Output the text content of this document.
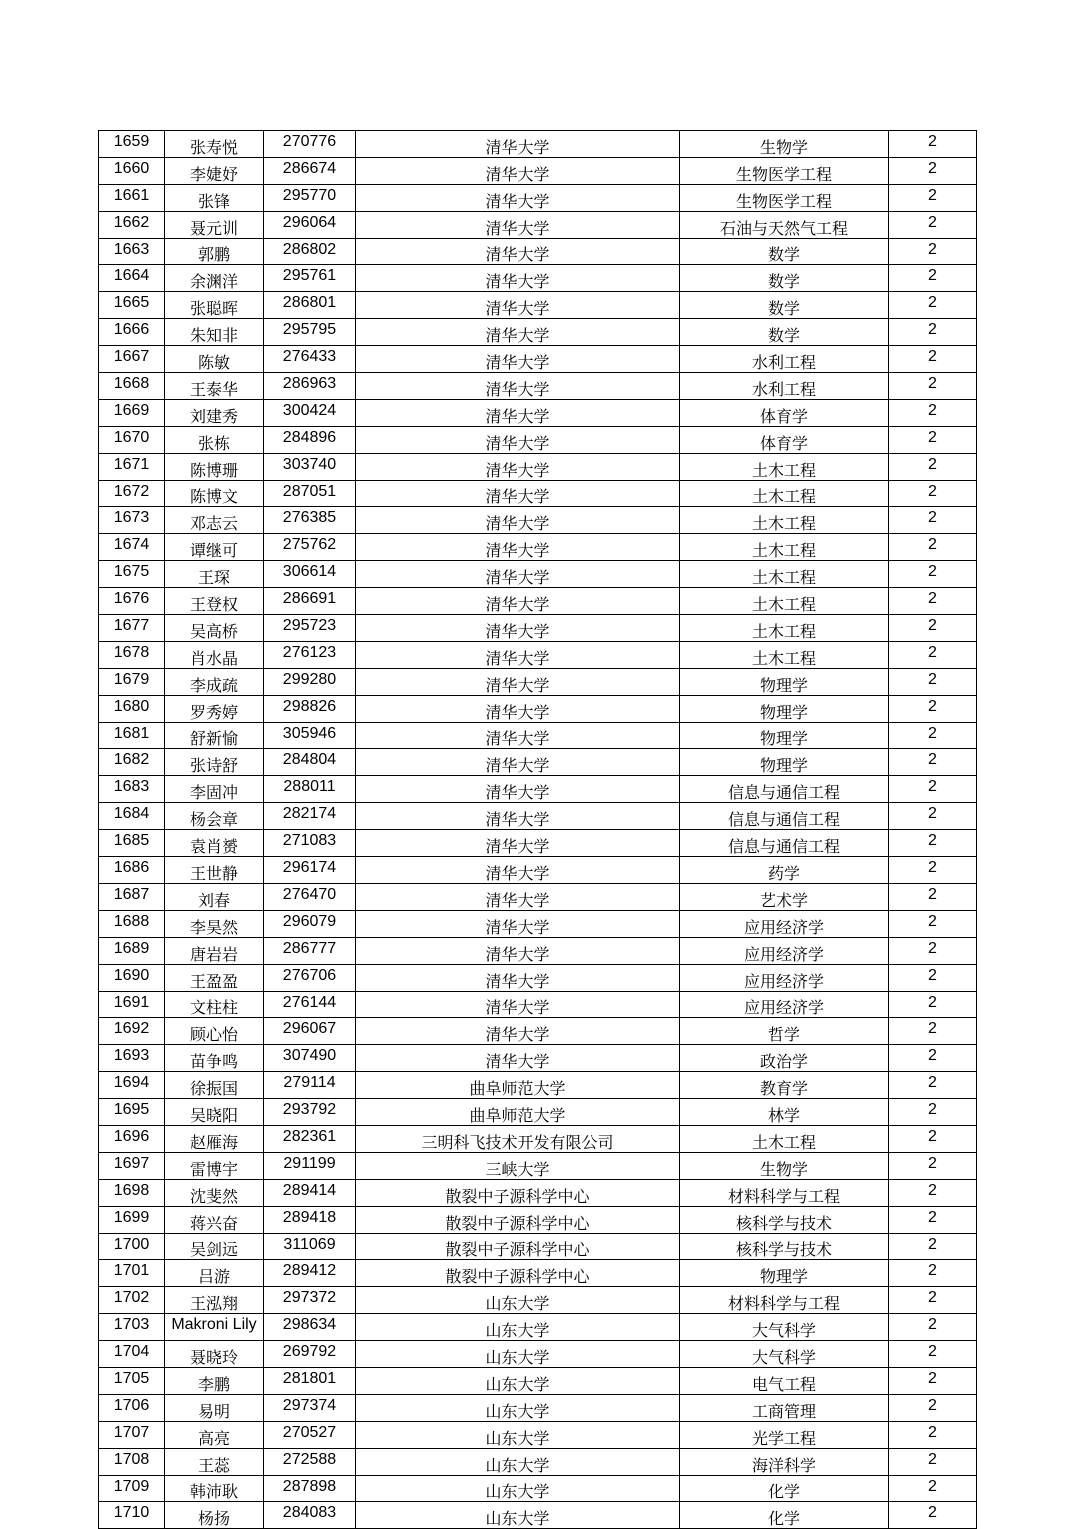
1659	张寿悦	270776	清华大学	生物学	2
1660	李婕妤	286674	清华大学	生物医学工程	2
1661	张锋	295770	清华大学	生物医学工程	2
1662	聂元训	296064	清华大学	石油与天然气工程	2
1663	郭鹏	286802	清华大学	数学	2
1664	余渊洋	295761	清华大学	数学	2
1665	张聪晖	286801	清华大学	数学	2
1666	朱知非	295795	清华大学	数学	2
1667	陈敏	276433	清华大学	水利工程	2
1668	王泰华	286963	清华大学	水利工程	2
1669	刘建秀	300424	清华大学	体育学	2
1670	张栋	284896	清华大学	体育学	2
1671	陈博珊	303740	清华大学	土木工程	2
1672	陈博文	287051	清华大学	土木工程	2
1673	邓志云	276385	清华大学	土木工程	2
1674	谭继可	275762	清华大学	土木工程	2
1675	王琛	306614	清华大学	土木工程	2
1676	王登权	286691	清华大学	土木工程	2
1677	吴高桥	295723	清华大学	土木工程	2
1678	肖水晶	276123	清华大学	土木工程	2
1679	李成疏	299280	清华大学	物理学	2
1680	罗秀婷	298826	清华大学	物理学	2
1681	舒新愉	305946	清华大学	物理学	2
1682	张诗舒	284804	清华大学	物理学	2
1683	李固冲	288011	清华大学	信息与通信工程	2
1684	杨会章	282174	清华大学	信息与通信工程	2
1685	袁肖赟	271083	清华大学	信息与通信工程	2
1686	王世静	296174	清华大学	药学	2
1687	刘春	276470	清华大学	艺术学	2
1688	李昊然	296079	清华大学	应用经济学	2
1689	唐岩岩	286777	清华大学	应用经济学	2
1690	王盈盈	276706	清华大学	应用经济学	2
1691	文柱柱	276144	清华大学	应用经济学	2
1692	顾心怡	296067	清华大学	哲学	2
1693	苗争鸣	307490	清华大学	政治学	2
1694	徐振国	279114	曲阜师范大学	教育学	2
1695	吴晓阳	293792	曲阜师范大学	林学	2
1696	赵雁海	282361	三明科飞技术开发有限公司	土木工程	2
1697	雷博宇	291199	三峡大学	生物学	2
1698	沈斐然	289414	散裂中子源科学中心	材料科学与工程	2
1699	蒋兴奋	289418	散裂中子源科学中心	核科学与技术	2
1700	吴剑远	311069	散裂中子源科学中心	核科学与技术	2
1701	吕游	289412	散裂中子源科学中心	物理学	2
1702	王泓翔	297372	山东大学	材料科学与工程	2
1703	Makroni Lily	298634	山东大学	大气科学	2
1704	聂晓玲	269792	山东大学	大气科学	2
1705	李鹏	281801	山东大学	电气工程	2
1706	易明	297374	山东大学	工商管理	2
1707	高亮	270527	山东大学	光学工程	2
1708	王蕊	272588	山东大学	海洋科学	2
1709	韩沛耿	287898	山东大学	化学	2
1710	杨扬	284083	山东大学	化学	2
